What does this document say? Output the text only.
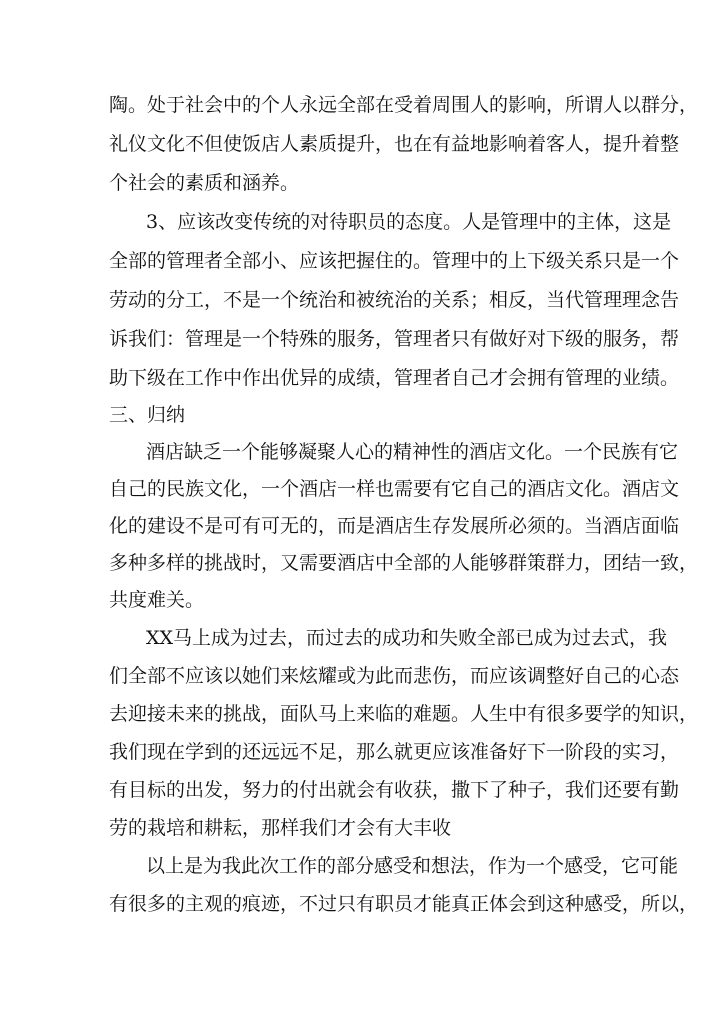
陶。处于社会中的个人永远全部在受着周围人的影响，所谓人以群分，
礼仪文化不但使饭店人素质提升，也在有益地影响着客人，提升着整
个社会的素质和涵养。
3、应该改变传统的对待职员的态度。人是管理中的主体，这是
全部的管理者全部小、应该把握住的。管理中的上下级关系只是一个
劳动的分工，不是一个统治和被统治的关系；相反，当代管理理念告
诉我们：管理是一个特殊的服务，管理者只有做好对下级的服务，帮
助下级在工作中作出优异的成绩，管理者自己才会拥有管理的业绩。
三、归纳
酒店缺乏一个能够凝聚人心的精神性的酒店文化。一个民族有它
自己的民族文化，一个酒店一样也需要有它自己的酒店文化。酒店文
化的建设不是可有可无的，而是酒店生存发展所必须的。当酒店面临
多种多样的挑战时，又需要酒店中全部的人能够群策群力，团结一致，
共度难关。
XX马上成为过去，而过去的成功和失败全部已成为过去式，我
们全部不应该以她们来炫耀或为此而悲伤，而应该调整好自己的心态
去迎接未来的挑战，面队马上来临的难题。人生中有很多要学的知识，
我们现在学到的还远远不足，那么就更应该准备好下一阶段的实习，
有目标的出发，努力的付出就会有收获，撒下了种子，我们还要有勤
劳的栽培和耕耘，那样我们才会有大丰收
以上是为我此次工作的部分感受和想法，作为一个感受，它可能
有很多的主观的痕迹，不过只有职员才能真正体会到这种感受，所以，
